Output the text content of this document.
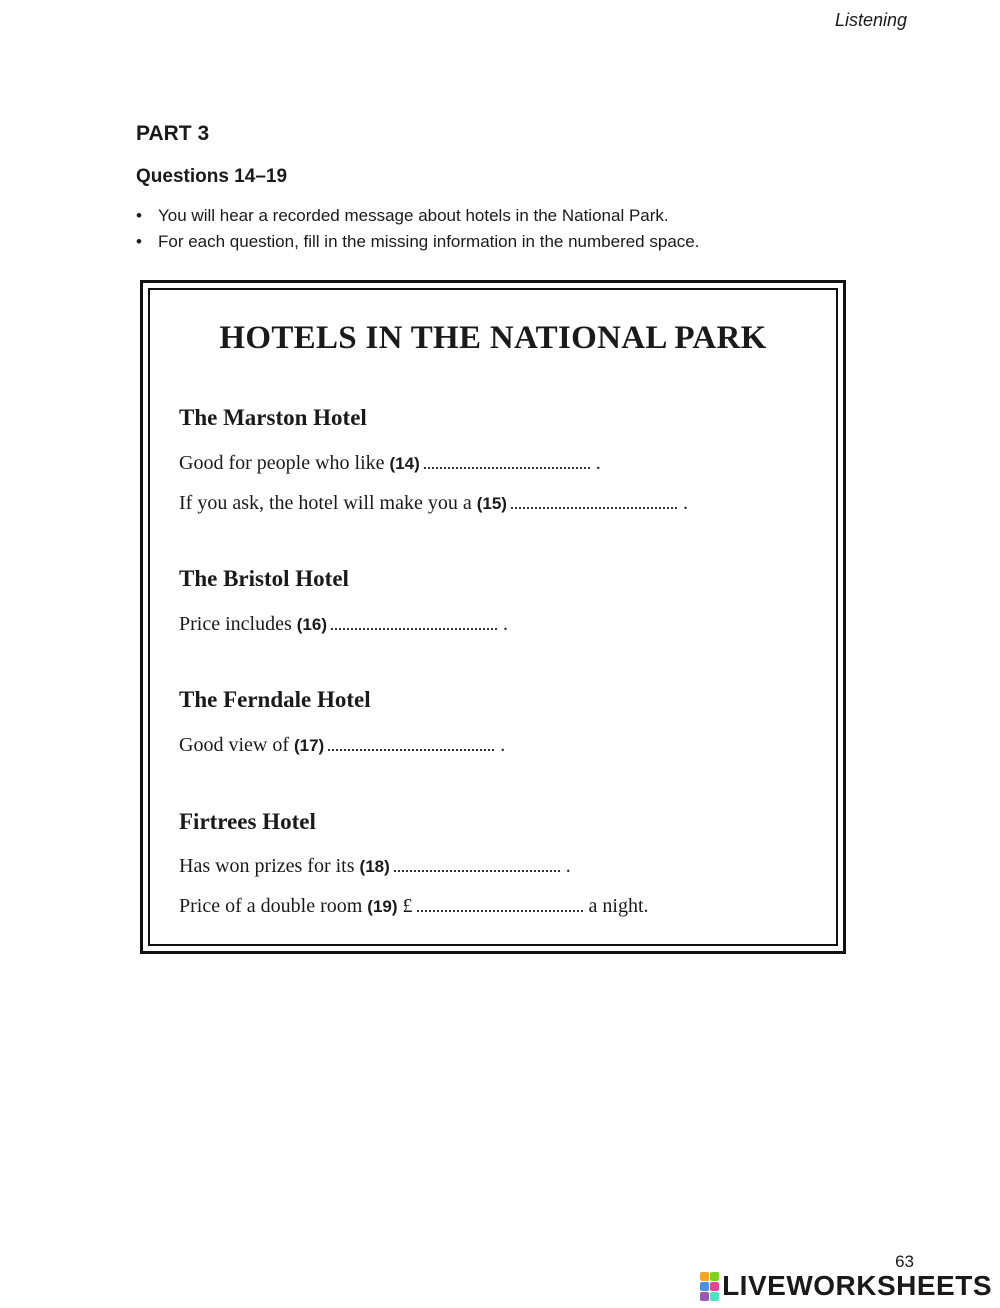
Listening
PART 3
Questions 14–19
• You will hear a recorded message about hotels in the National Park.
• For each question, fill in the missing information in the numbered space.
HOTELS IN THE NATIONAL PARK
The Marston Hotel
Good for people who like (14)	.
If you ask, the hotel will make you a (15)	.
The Bristol Hotel
Price includes (16)	.
The Ferndale Hotel
Good view of (17)	.
Firtrees Hotel
Has won prizes for its (18)	.
Price of a double room (19) £	a night.
63
LIVEWORKSHEETS
